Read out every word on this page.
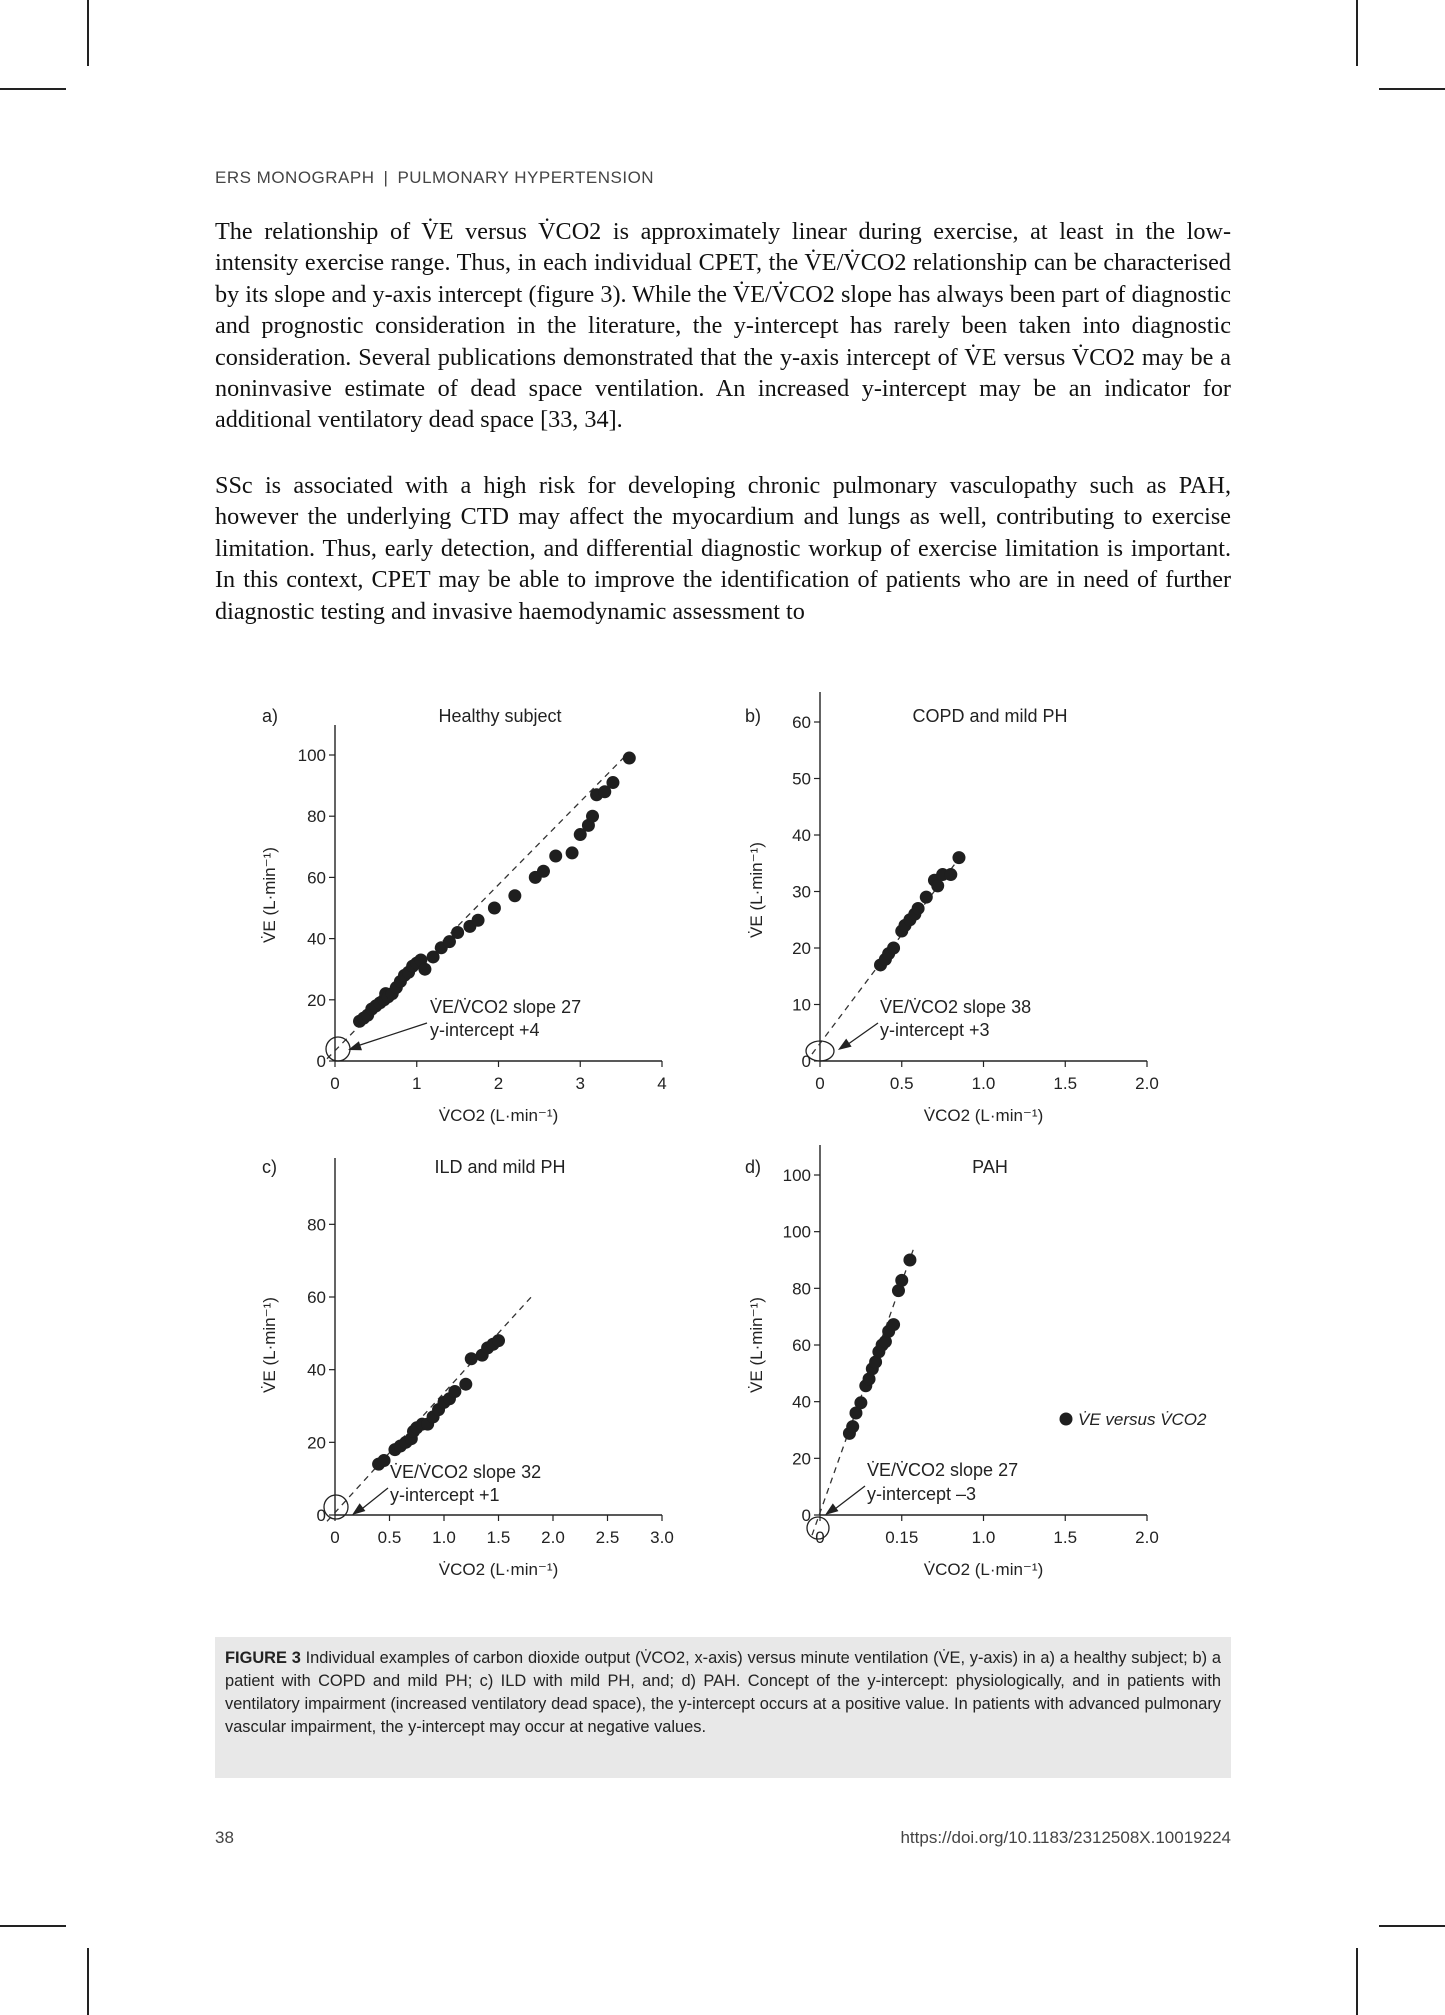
ERS MONOGRAPH | PULMONARY HYPERTENSION

The relationship of V̇E versus V̇CO2 is approximately linear during exercise, at least in the low-intensity exercise range. Thus, in each individual CPET, the V̇E/V̇CO2 relationship can be characterised by its slope and y-axis intercept (figure 3). While the V̇E/V̇CO2 slope has always been part of diagnostic and prognostic consideration in the literature, the y-intercept has rarely been taken into diagnostic consideration. Several publications demonstrated that the y-axis intercept of V̇E versus V̇CO2 may be a noninvasive estimate of dead space ventilation. An increased y-intercept may be an indicator for additional ventilatory dead space [33, 34].

SSc is associated with a high risk for developing chronic pulmonary vasculopathy such as PAH, however the underlying CTD may affect the myocardium and lungs as well, contributing to exercise limitation. Thus, early detection, and differential diagnostic workup of exercise limitation is important. In this context, CPET may be able to improve the identification of patients who are in need of further diagnostic testing and invasive haemodynamic assessment to

0	1	2	3	4
0
20
40
60
80
100
a)	Healthy subject
V̇CO2 (L·min⁻¹)
V̇E (L·min⁻¹)
V̇E/V̇CO2 slope 27
y-intercept +4
0	0.5	1.0	1.5	2.0
0
10
20
30
40
50
60
b)	COPD and mild PH
V̇CO2 (L·min⁻¹)
V̇E (L·min⁻¹)
V̇E/V̇CO2 slope 38
y-intercept +3
0 0.5 1.0 1.5 2.0 2.5 3.0
0
20
40
60
80
c)	ILD and mild PH
V̇CO2 (L·min⁻¹)
V̇E (L·min⁻¹)
V̇E/V̇CO2 slope 32
y-intercept +1
0	0.15	1.0	1.5	2.0
0
20
40
60
80
100
100
d)	PAH
V̇CO2 (L·min⁻¹)
V̇E (L·min⁻¹)
V̇E/V̇CO2 slope 27
y-intercept –3
V̇E versus V̇CO2
FIGURE 3 Individual examples of carbon dioxide output (V̇CO2, x-axis) versus minute ventilation (V̇E, y-axis) in a) a healthy subject; b) a patient with COPD and mild PH; c) ILD with mild PH, and; d) PAH. Concept of the y-intercept: physiologically, and in patients with ventilatory impairment (increased ventilatory dead space), the y-intercept occurs at a positive value. In patients with advanced pulmonary vascular impairment, the y-intercept may occur at negative values.
38	https://doi.org/10.1183/2312508X.10019224
